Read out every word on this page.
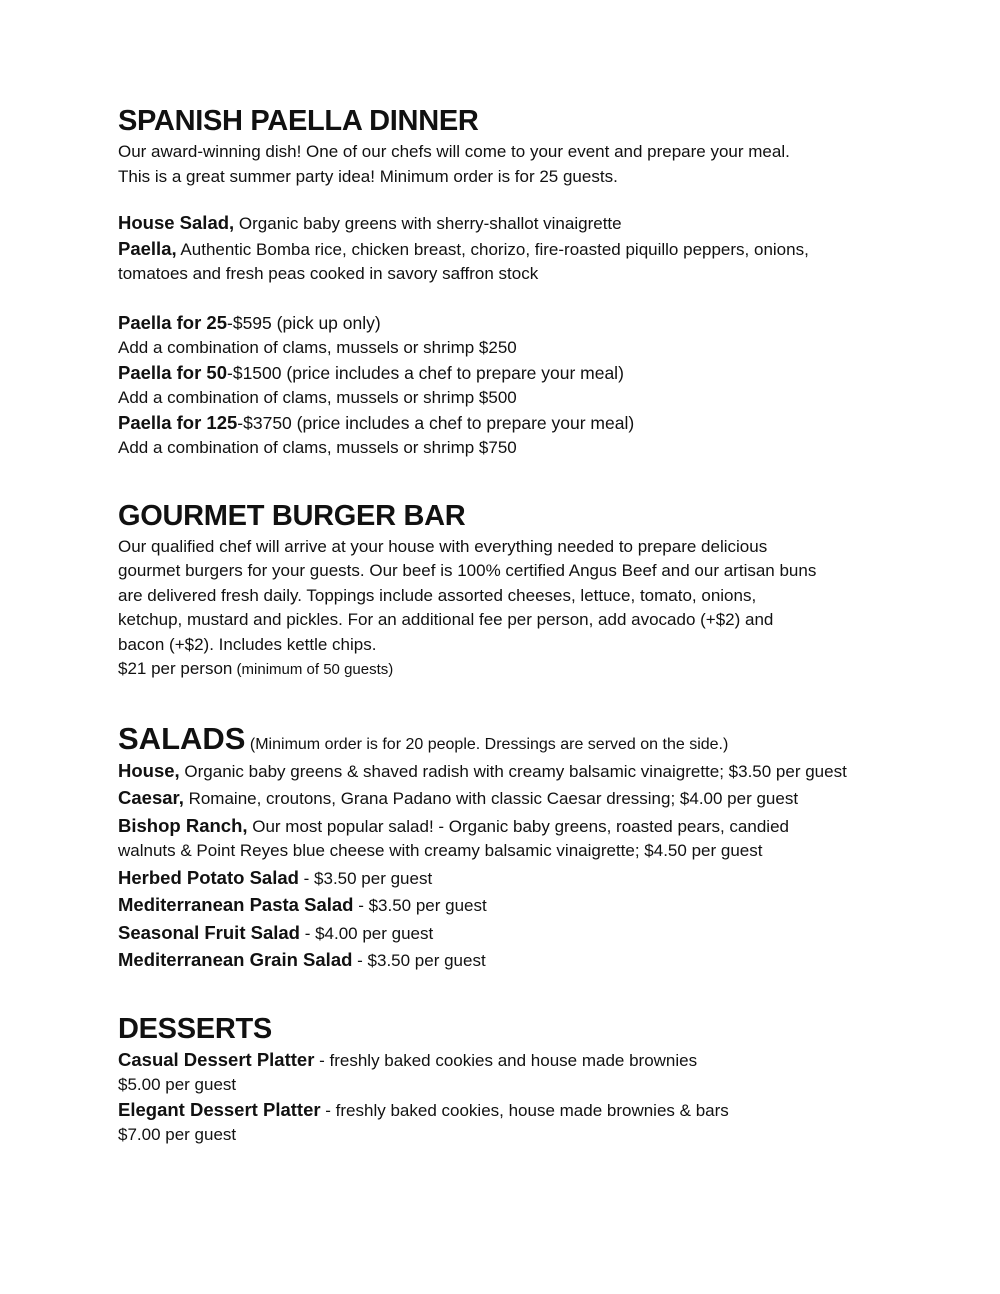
SPANISH PAELLA DINNER

Our award-winning dish! One of our chefs will come to your event and prepare your meal.

This is a great summer party idea! Minimum order is for 25 guests.

House Salad, Organic baby greens with sherry-shallot vinaigrette

Paella, Authentic Bomba rice, chicken breast, chorizo, fire-roasted piquillo peppers, onions,

tomatoes and fresh peas cooked in savory saffron stock

Paella for 25-$595 (pick up only)

Add a combination of clams, mussels or shrimp $250

Paella for 50-$1500 (price includes a chef to prepare your meal)

Add a combination of clams, mussels or shrimp $500

Paella for 125-$3750 (price includes a chef to prepare your meal)

Add a combination of clams, mussels or shrimp $750

GOURMET BURGER BAR

Our qualified chef will arrive at your house with everything needed to prepare delicious

gourmet burgers for your guests. Our beef is 100% certified Angus Beef and our artisan buns

are delivered fresh daily. Toppings include assorted cheeses, lettuce, tomato, onions,

ketchup, mustard and pickles. For an additional fee per person, add avocado (+$2) and

bacon (+$2). Includes kettle chips.

$21 per person (minimum of 50 guests)

SALADS (Minimum order is for 20 people. Dressings are served on the side.)

House, Organic baby greens & shaved radish with creamy balsamic vinaigrette; $3.50 per guest

Caesar, Romaine, croutons, Grana Padano with classic Caesar dressing; $4.00 per guest

Bishop Ranch, Our most popular salad! - Organic baby greens, roasted pears, candied

walnuts & Point Reyes blue cheese with creamy balsamic vinaigrette; $4.50 per guest

Herbed Potato Salad - $3.50 per guest

Mediterranean Pasta Salad - $3.50 per guest

Seasonal Fruit Salad - $4.00 per guest

Mediterranean Grain Salad - $3.50 per guest

DESSERTS

Casual Dessert Platter - freshly baked cookies and house made brownies

$5.00 per guest

Elegant Dessert Platter - freshly baked cookies, house made brownies & bars

$7.00 per guest
